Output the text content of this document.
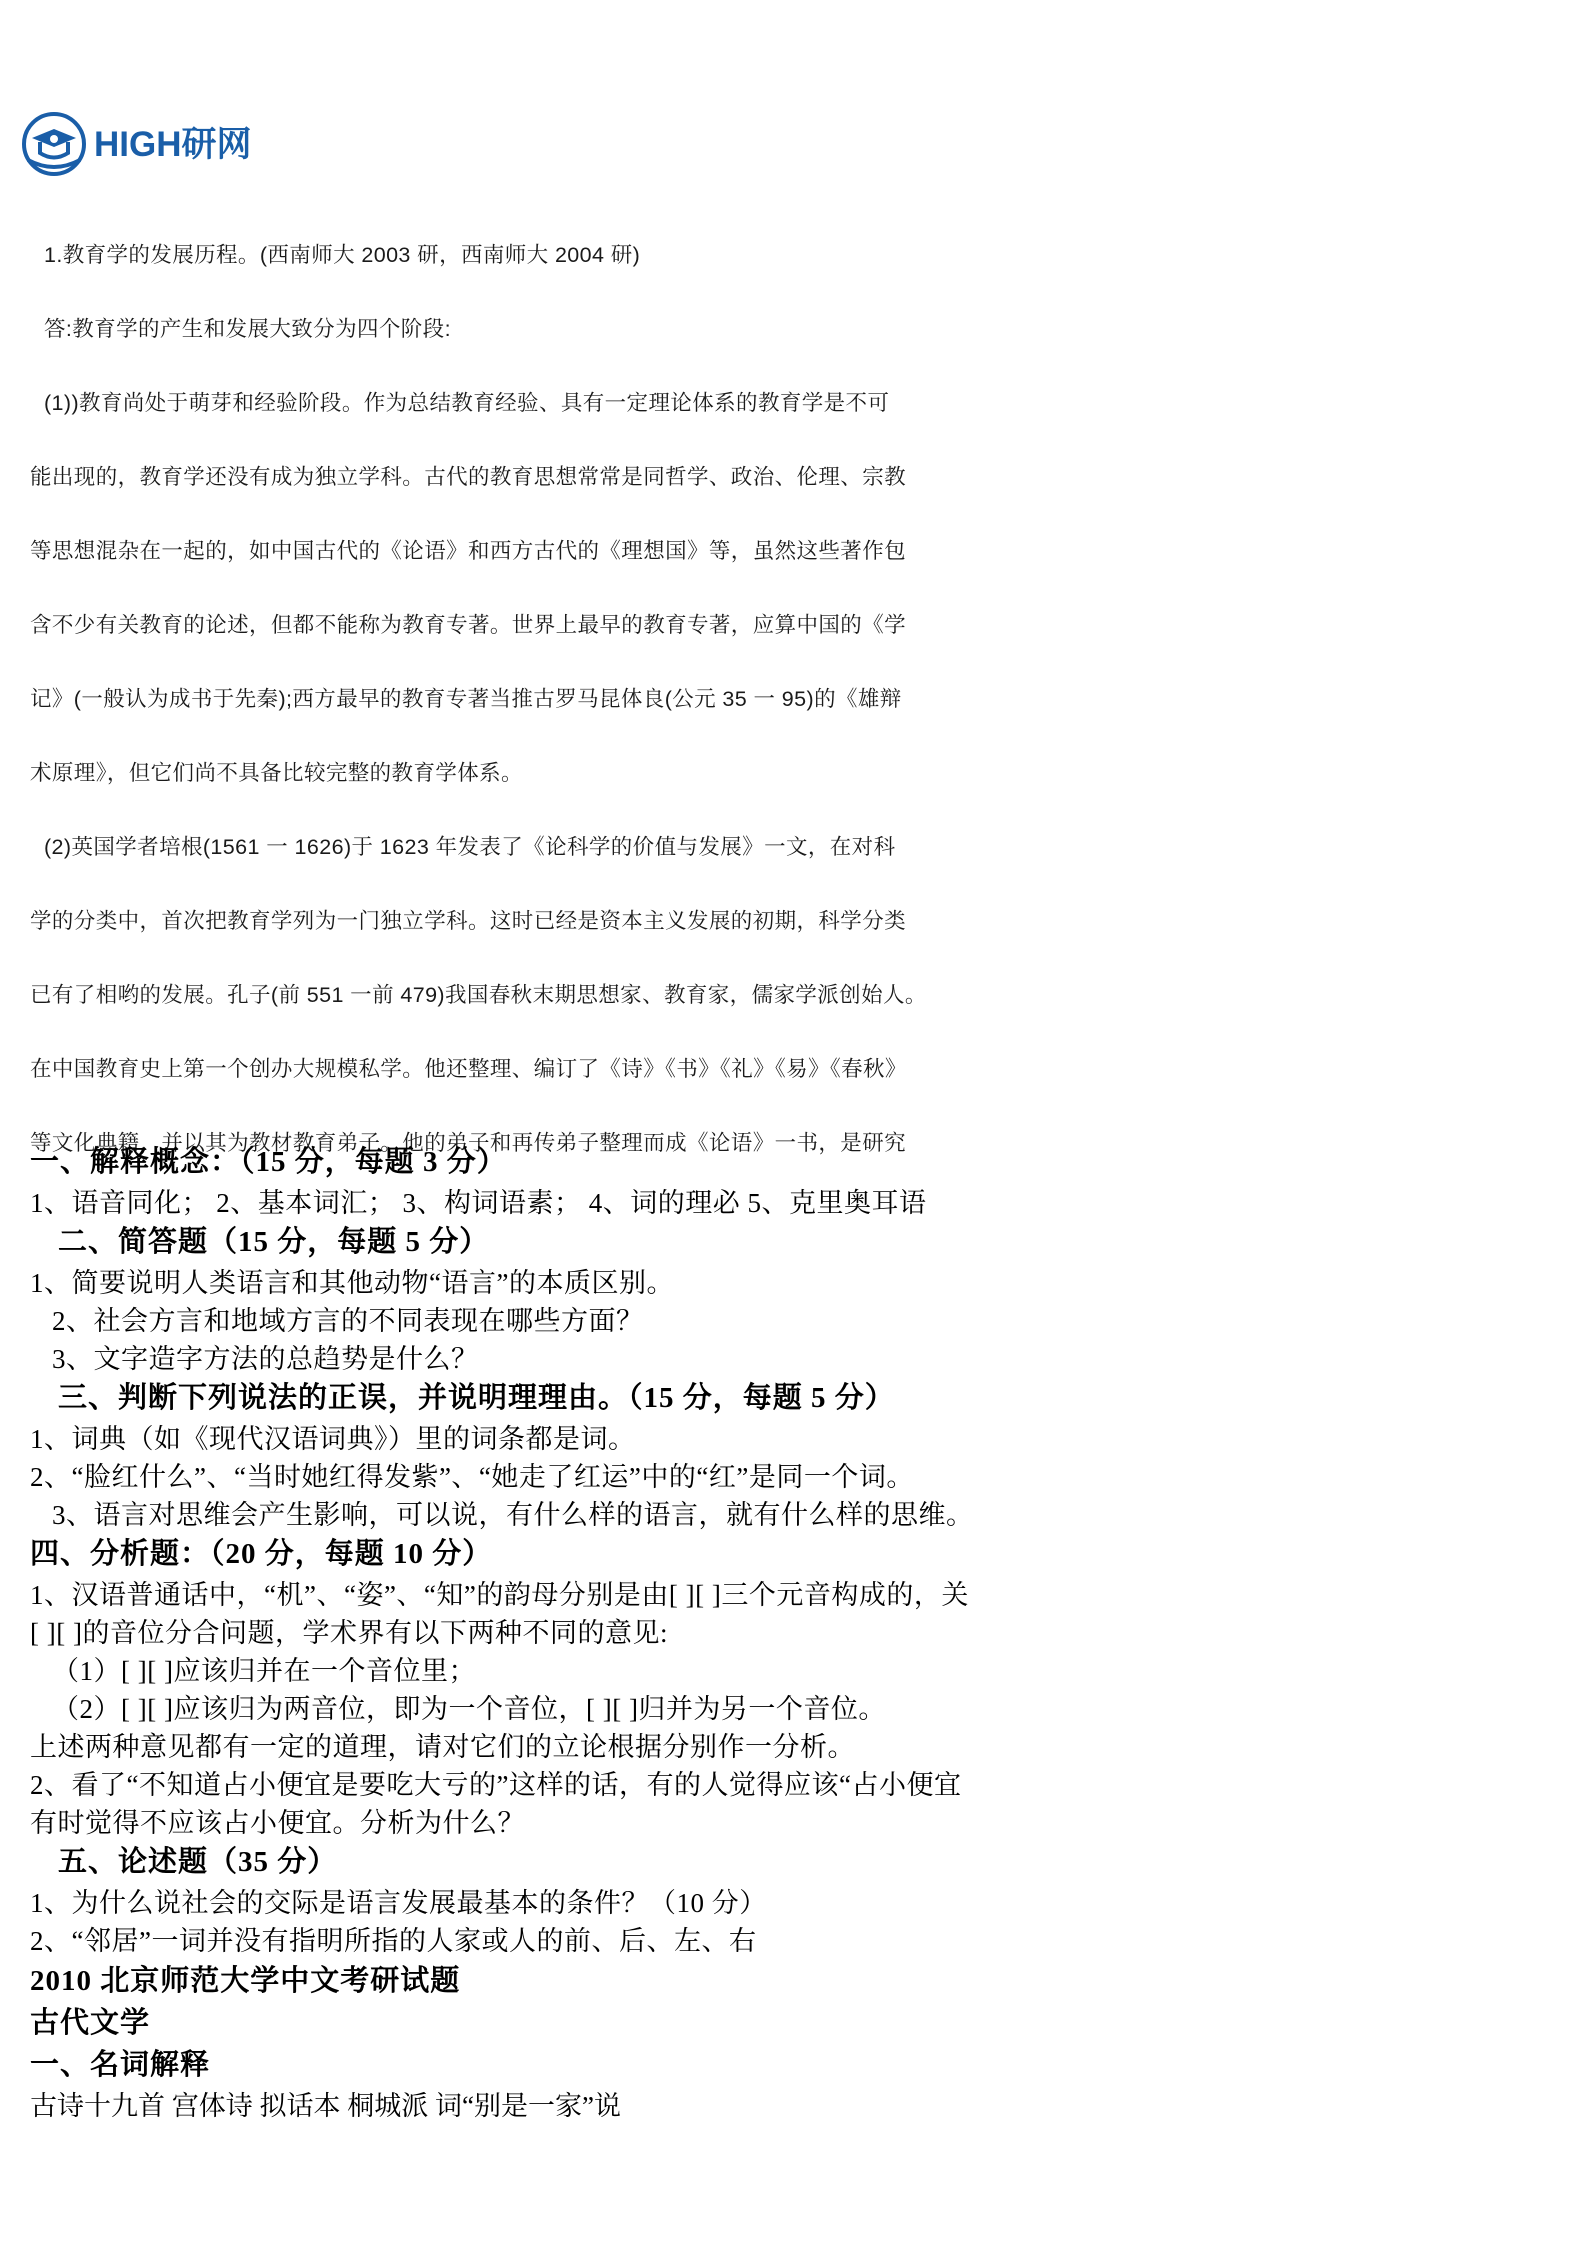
HIGH研网
1.教育学的发展历程。(西南师大 2003 研，西南师大 2004 研)
答:教育学的产生和发展大致分为四个阶段:
(1))教育尚处于萌芽和经验阶段。作为总结教育经验、具有一定理论体系的教育学是不可
能出现的，教育学还没有成为独立学科。古代的教育思想常常是同哲学、政治、伦理、宗教
等思想混杂在一起的，如中国古代的《论语》和西方古代的《理想国》等，虽然这些著作包
含不少有关教育的论述，但都不能称为教育专著。世界上最早的教育专著，应算中国的《学
记》(一般认为成书于先秦);西方最早的教育专著当推古罗马昆体良(公元 35 一 95)的《雄辩
术原理》，但它们尚不具备比较完整的教育学体系。
(2)英国学者培根(1561 一 1626)于 1623 年发表了《论科学的价值与发展》一文，在对科
学的分类中，首次把教育学列为一门独立学科。这时已经是资本主义发展的初期，科学分类
已有了相哟的发展。孔子(前 551 一前 479)我国春秋末期思想家、教育家，儒家学派创始人。
在中国教育史上第一个创办大规模私学。他还整理、编订了《诗》《书》《礼》《易》《春秋》
等文化典籍，并以其为教材教育弟子。他的弟子和再传弟子整理而成《论语》一书，是研究
一、解释概念：（15 分，每题 3 分）
1、语音同化； 2、基本词汇； 3、构词语素； 4、词的理必 5、克里奥耳语
二、简答题（15 分，每题 5 分）
1、简要说明人类语言和其他动物“语言”的本质区别。
2、社会方言和地域方言的不同表现在哪些方面？
3、文字造字方法的总趋势是什么？
三、判断下列说法的正误，并说明理理由。（15 分，每题 5 分）
1、词典（如《现代汉语词典》）里的词条都是词。
2、“脸红什么”、“当时她红得发紫”、“她走了红运”中的“红”是同一个词。
3、语言对思维会产生影响，可以说，有什么样的语言，就有什么样的思维。
四、分析题：（20 分，每题 10 分）
1、汉语普通话中，“机”、“姿”、“知”的韵母分别是由[ ][ ]三个元音构成的，关
[ ][ ]的音位分合问题，学术界有以下两种不同的意见:
（1）[ ][ ]应该归并在一个音位里；
（2）[ ][ ]应该归为两音位，即为一个音位，[ ][ ]归并为另一个音位。
上述两种意见都有一定的道理，请对它们的立论根据分别作一分析。
2、看了“不知道占小便宜是要吃大亏的”这样的话，有的人觉得应该“占小便宜
有时觉得不应该占小便宜。分析为什么？
五、论述题（35 分）
1、为什么说社会的交际是语言发展最基本的条件？（10 分）
2、“邻居”一词并没有指明所指的人家或人的前、后、左、右
2010 北京师范大学中文考研试题
古代文学
一、名词解释
古诗十九首 宫体诗 拟话本 桐城派 词“别是一家”说
